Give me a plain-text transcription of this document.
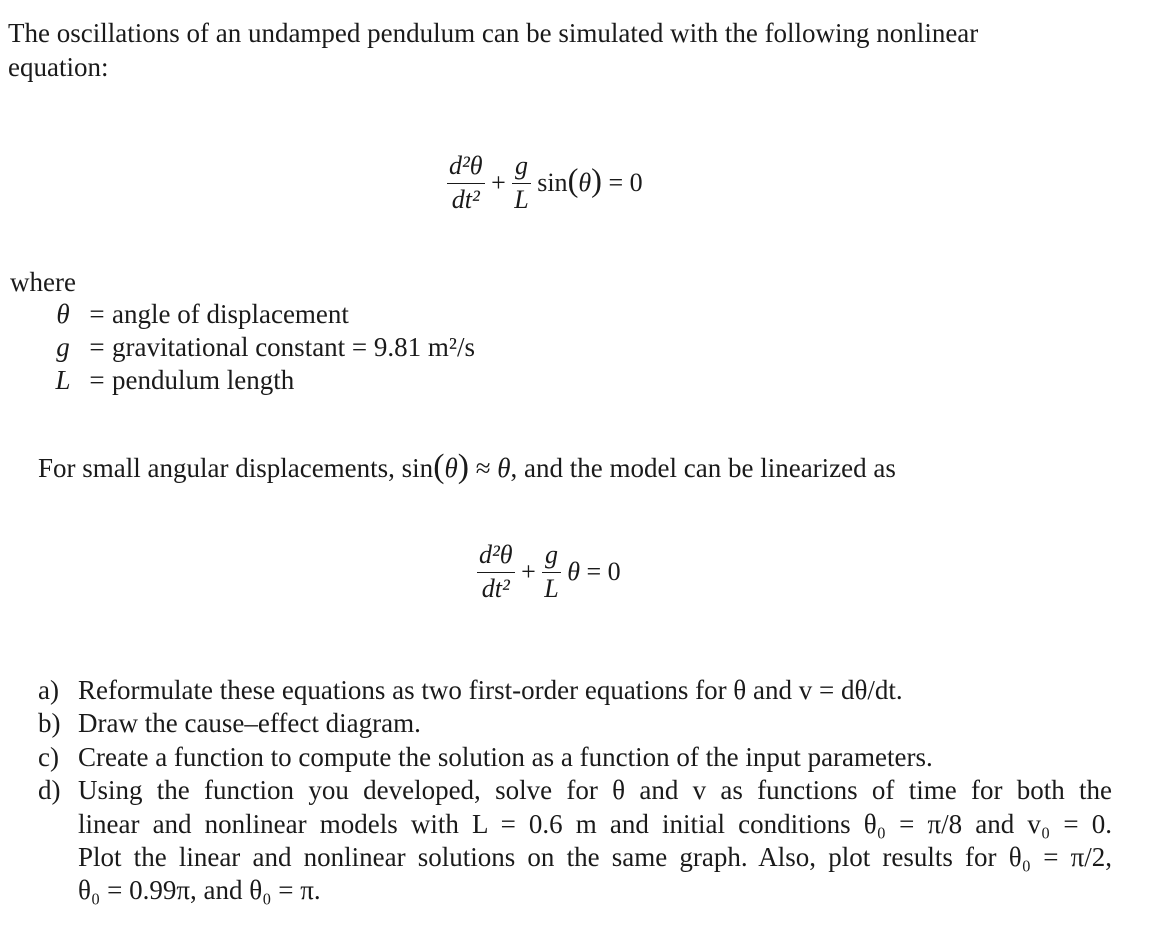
The oscillations of an undamped pendulum can be simulated with the following nonlinear
equation:
$\frac{\text{d²θ}}{\text{dt²}} + \frac{g}{L} \sin(\theta) = 0$
where
θ	=	angle of displacement
g	=	gravitational constant = 9.81 m²/s
L	=	pendulum length
For small angular displacements, sin(θ) ≈ θ, and the model can be linearized as
$\frac{\text{d²θ}}{\text{dt²}} + \frac{g}{L}$ θ = 0
a) Reformulate these equations as two first-order equations for θ and v = dθ/dt.
b) Draw the cause–effect diagram.
c) Create a function to compute the solution as a function of the input parameters.
d) Using the function you developed, solve for θ and v as functions of time for both the
linear and nonlinear models with L = 0.6 m and initial conditions θ₀ = π/8 and v₀ = 0.
Plot the linear and nonlinear solutions on the same graph. Also, plot results for θ₀ = π/2,
θ₀ = 0.99π, and θ₀ = π.
